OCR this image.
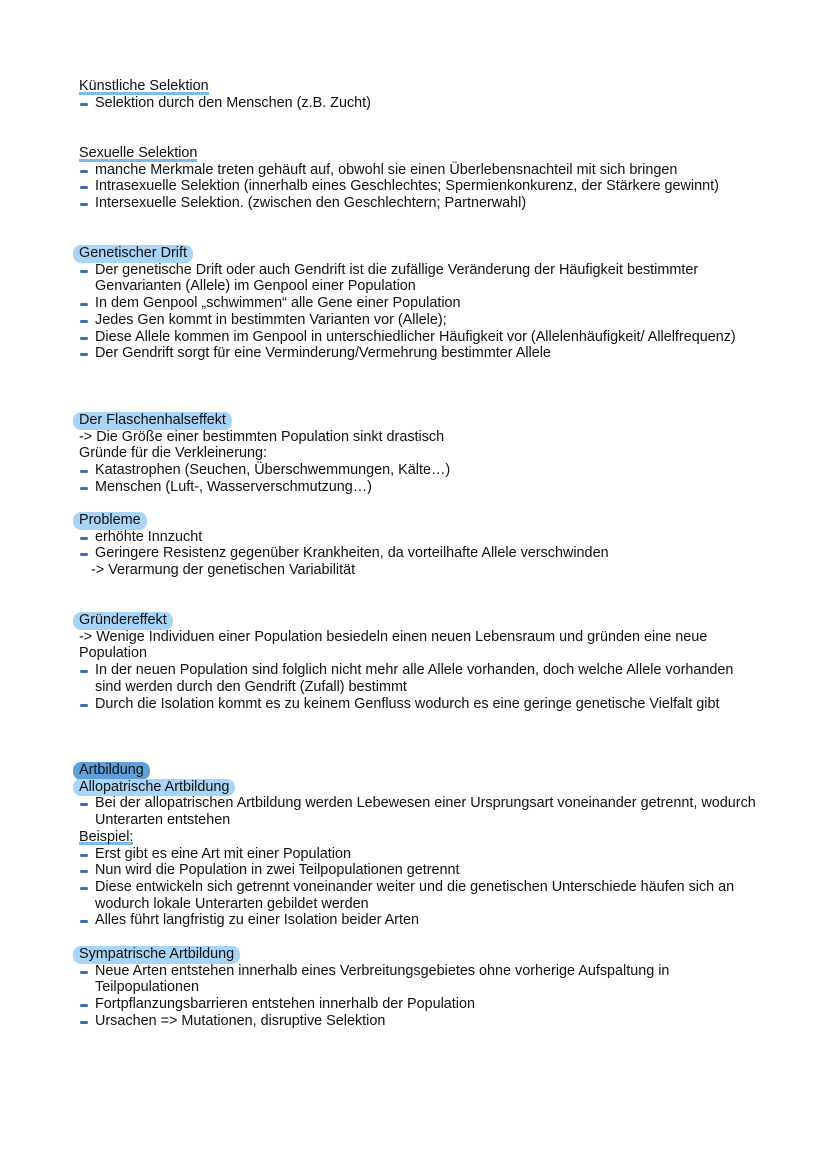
Künstliche Selektion
Selektion durch den Menschen (z.B. Zucht)
Sexuelle Selektion
manche Merkmale treten gehäuft auf, obwohl sie einen Überlebensnachteil mit sich bringen
Intrasexuelle Selektion (innerhalb eines Geschlechtes; Spermienkonkurenz, der Stärkere gewinnt)
Intersexuelle Selektion. (zwischen den Geschlechtern; Partnerwahl)
Genetischer Drift
Der genetische Drift oder auch Gendrift ist die zufällige Veränderung der Häufigkeit bestimmter Genvarianten (Allele) im Genpool einer Population
In dem Genpool „schwimmen“ alle Gene einer Population
Jedes Gen kommt in bestimmten Varianten vor (Allele);
Diese Allele kommen im Genpool in unterschiedlicher Häufigkeit vor (Allelenhäufigkeit/ Allelfrequenz)
Der Gendrift sorgt für eine Verminderung/Vermehrung bestimmter Allele
Der Flaschenhalseffekt
-> Die Größe einer bestimmten Population sinkt drastisch
Gründe für die Verkleinerung:
Katastrophen (Seuchen, Überschwemmungen, Kälte…)
Menschen (Luft-, Wasserverschmutzung…)
Probleme
erhöhte Innzucht
Geringere Resistenz gegenüber Krankheiten, da vorteilhafte Allele verschwinden
-> Verarmung der genetischen Variabilität
Gründereffekt
-> Wenige Individuen einer Population besiedeln einen neuen Lebensraum und gründen eine neue Population
In der neuen Population sind folglich nicht mehr alle Allele vorhanden, doch welche Allele vorhanden sind werden durch den Gendrift (Zufall) bestimmt
Durch die Isolation kommt es zu keinem Genfluss wodurch es eine geringe genetische Vielfalt gibt
Artbildung
Allopatrische Artbildung
Bei der allopatrischen Artbildung werden Lebewesen einer Ursprungsart voneinander getrennt, wodurch Unterarten entstehen
Beispiel:
Erst gibt es eine Art mit einer Population
Nun wird die Population in zwei Teilpopulationen getrennt
Diese entwickeln sich getrennt voneinander weiter und die genetischen Unterschiede häufen sich an wodurch lokale Unterarten gebildet werden
Alles führt langfristig zu einer Isolation beider Arten
Sympatrische Artbildung
Neue Arten entstehen innerhalb eines Verbreitungsgebietes ohne vorherige Aufspaltung in Teilpopulationen
Fortpflanzungsbarrieren entstehen innerhalb der Population
Ursachen => Mutationen, disruptive Selektion
